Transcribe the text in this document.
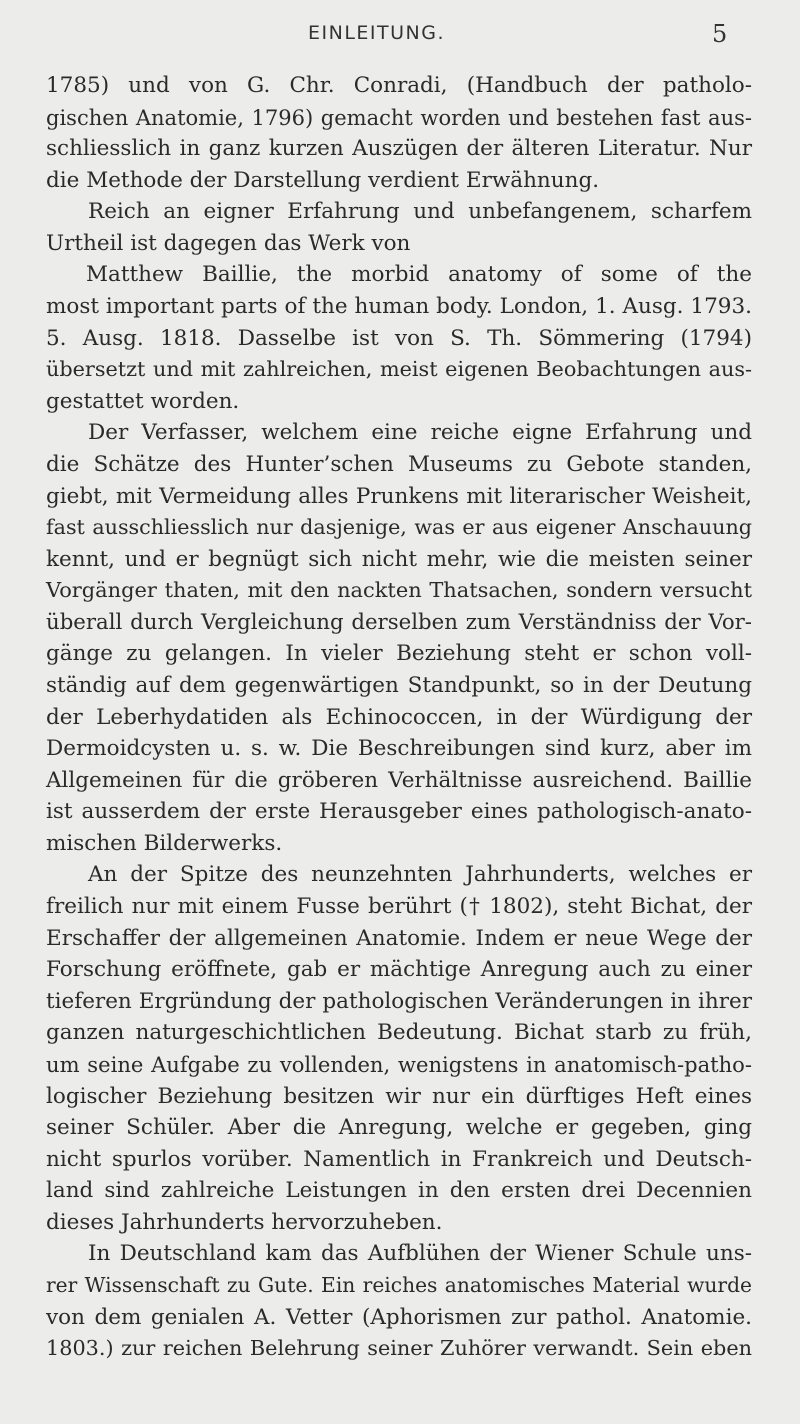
EINLEITUNG.	5
1785) und von G. Chr. Conradi, (Handbuch der patholo-
gischen Anatomie, 1796) gemacht worden und bestehen fast aus-
schliesslich in ganz kurzen Auszügen der älteren Literatur. Nur
die Methode der Darstellung verdient Erwähnung.
Reich an eigner Erfahrung und unbefangenem, scharfem
Urtheil ist dagegen das Werk von
Matthew Baillie, the morbid anatomy of some of the
most important parts of the human body. London, 1. Ausg. 1793.
5. Ausg. 1818. Dasselbe ist von S. Th. Sömmering (1794)
übersetzt und mit zahlreichen, meist eigenen Beobachtungen aus-
gestattet worden.
Der Verfasser, welchem eine reiche eigne Erfahrung und
die Schätze des Hunter’schen Museums zu Gebote standen,
giebt, mit Vermeidung alles Prunkens mit literarischer Weisheit,
fast ausschliesslich nur dasjenige, was er aus eigener Anschauung
kennt, und er begnügt sich nicht mehr, wie die meisten seiner
Vorgänger thaten, mit den nackten Thatsachen, sondern versucht
überall durch Vergleichung derselben zum Verständniss der Vor-
gänge zu gelangen. In vieler Beziehung steht er schon voll-
ständig auf dem gegenwärtigen Standpunkt, so in der Deutung
der Leberhydatiden als Echinococcen, in der Würdigung der
Dermoidcysten u. s. w. Die Beschreibungen sind kurz, aber im
Allgemeinen für die gröberen Verhältnisse ausreichend. Baillie
ist ausserdem der erste Herausgeber eines pathologisch-anato-
mischen Bilderwerks.
An der Spitze des neunzehnten Jahrhunderts, welches er
freilich nur mit einem Fusse berührt († 1802), steht Bichat, der
Erschaffer der allgemeinen Anatomie. Indem er neue Wege der
Forschung eröffnete, gab er mächtige Anregung auch zu einer
tieferen Ergründung der pathologischen Veränderungen in ihrer
ganzen naturgeschichtlichen Bedeutung. Bichat starb zu früh,
um seine Aufgabe zu vollenden, wenigstens in anatomisch-patho-
logischer Beziehung besitzen wir nur ein dürftiges Heft eines
seiner Schüler. Aber die Anregung, welche er gegeben, ging
nicht spurlos vorüber. Namentlich in Frankreich und Deutsch-
land sind zahlreiche Leistungen in den ersten drei Decennien
dieses Jahrhunderts hervorzuheben.
In Deutschland kam das Aufblühen der Wiener Schule uns-
rer Wissenschaft zu Gute. Ein reiches anatomisches Material wurde
von dem genialen A. Vetter (Aphorismen zur pathol. Anatomie.
1803.) zur reichen Belehrung seiner Zuhörer verwandt. Sein eben
